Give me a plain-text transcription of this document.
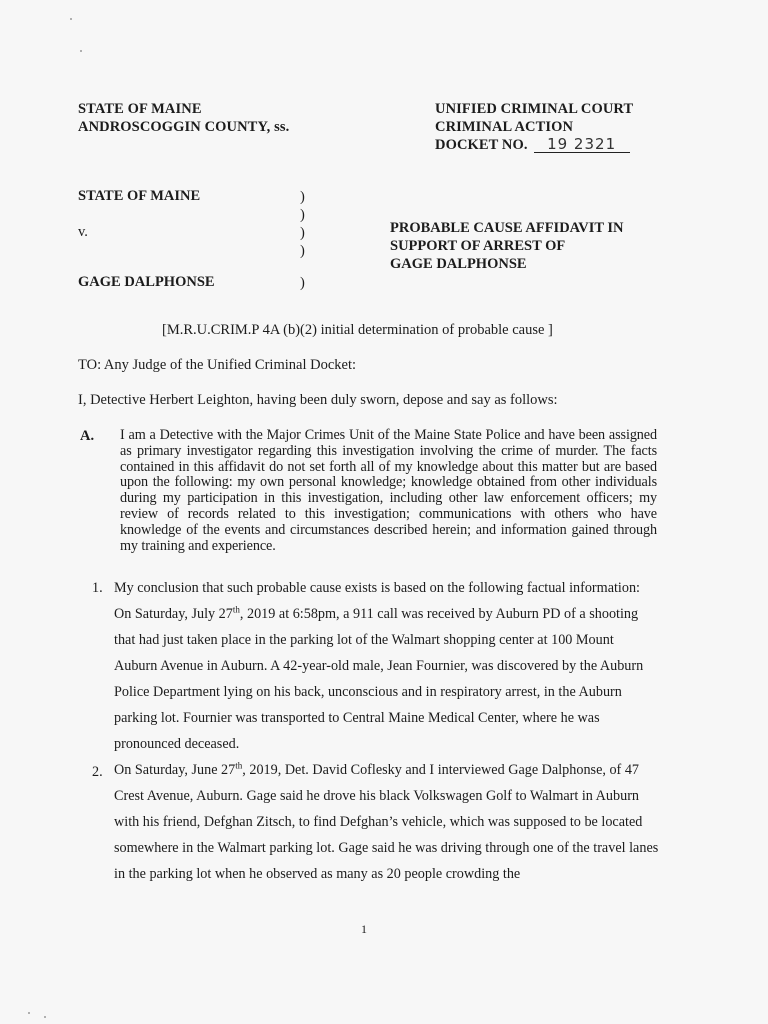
STATE OF MAINE
ANDROSCOGGIN COUNTY, ss.
UNIFIED CRIMINAL COURT
CRIMINAL ACTION
DOCKET NO. 19 2321
STATE OF MAINE
v.
GAGE DALPHONSE
)
)
)
)
)
PROBABLE CAUSE AFFIDAVIT IN
SUPPORT OF ARREST OF
GAGE DALPHONSE
[M.R.U.CRIM.P 4A (b)(2) initial determination of probable cause ]
TO: Any Judge of the Unified Criminal Docket:
I, Detective Herbert Leighton, having been duly sworn, depose and say as follows:
A. I am a Detective with the Major Crimes Unit of the Maine State Police and have been assigned as primary investigator regarding this investigation involving the crime of murder. The facts contained in this affidavit do not set forth all of my knowledge about this matter but are based upon the following: my own personal knowledge; knowledge obtained from other individuals during my participation in this investigation, including other law enforcement officers; my review of records related to this investigation; communications with others who have knowledge of the events and circumstances described herein; and information gained through my training and experience.
1. My conclusion that such probable cause exists is based on the following factual information: On Saturday, July 27th, 2019 at 6:58pm, a 911 call was received by Auburn PD of a shooting that had just taken place in the parking lot of the Walmart shopping center at 100 Mount Auburn Avenue in Auburn. A 42-year-old male, Jean Fournier, was discovered by the Auburn Police Department lying on his back, unconscious and in respiratory arrest, in the Auburn parking lot. Fournier was transported to Central Maine Medical Center, where he was pronounced deceased.
2. On Saturday, June 27th, 2019, Det. David Coflesky and I interviewed Gage Dalphonse, of 47 Crest Avenue, Auburn. Gage said he drove his black Volkswagen Golf to Walmart in Auburn with his friend, Defghan Zitsch, to find Defghan’s vehicle, which was supposed to be located somewhere in the Walmart parking lot. Gage said he was driving through one of the travel lanes in the parking lot when he observed as many as 20 people crowding the
1
